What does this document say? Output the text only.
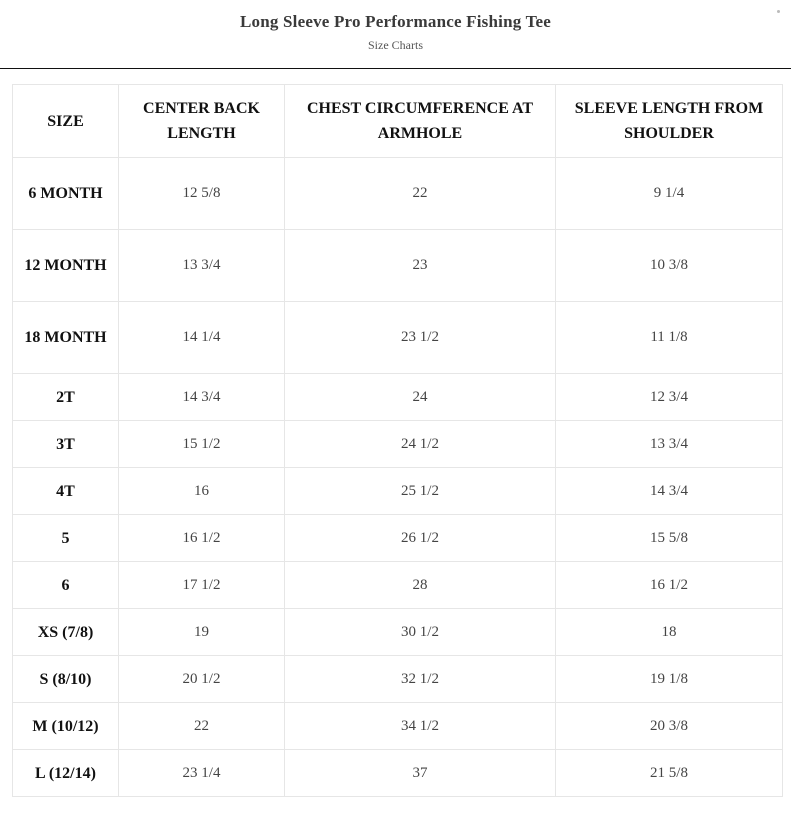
Long Sleeve Pro Performance Fishing Tee
Size Charts
SIZE	CENTER BACK LENGTH	CHEST CIRCUMFERENCE AT ARMHOLE	SLEEVE LENGTH FROM SHOULDER
6 MONTH	12 5/8	22	9 1/4
12 MONTH	13 3/4	23	10 3/8
18 MONTH	14 1/4	23 1/2	11 1/8
2T	14 3/4	24	12 3/4
3T	15 1/2	24 1/2	13 3/4
4T	16	25 1/2	14 3/4
5	16 1/2	26 1/2	15 5/8
6	17 1/2	28	16 1/2
XS (7/8)	19	30 1/2	18
S (8/10)	20 1/2	32 1/2	19 1/8
M (10/12)	22	34 1/2	20 3/8
L (12/14)	23 1/4	37	21 5/8
